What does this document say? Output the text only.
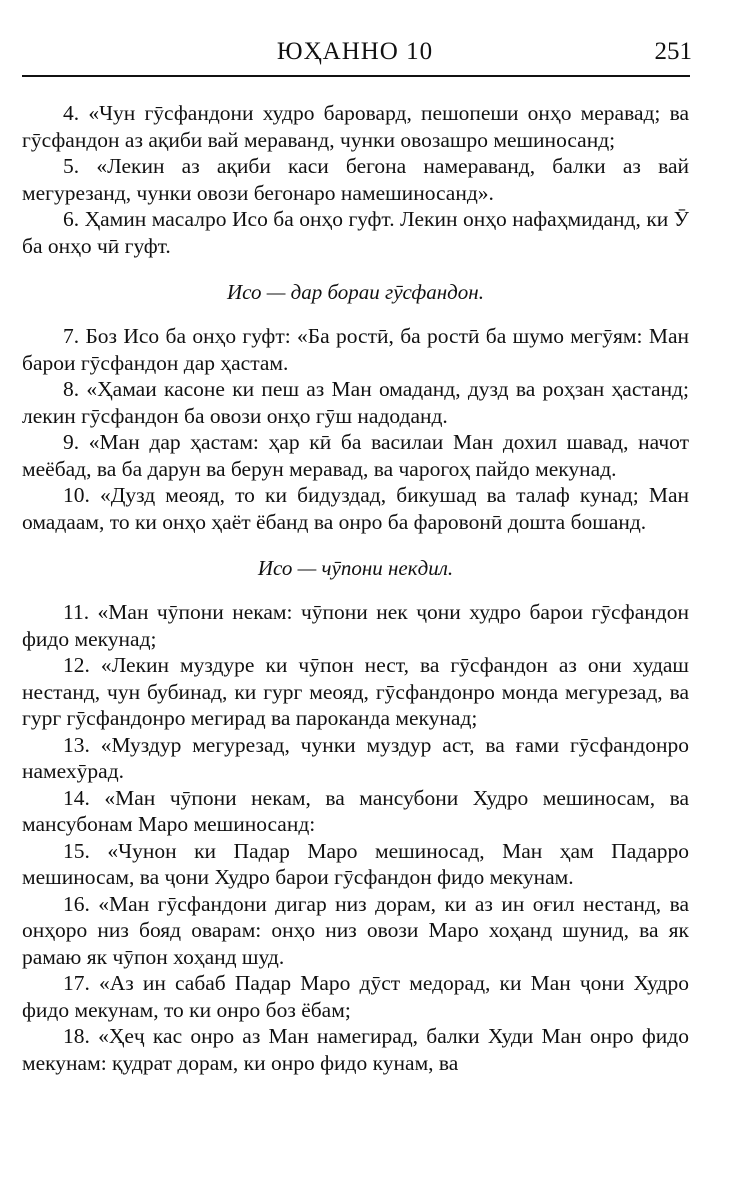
ЮҲАННО 10	251

4. «Чун гӯсфандони худро баровард, пешопеши онҳо меравад; ва гӯсфандон аз ақиби вай мераванд, чунки овозашро мешиносанд;

5. «Лекин аз ақиби каси бегона намераванд, балки аз вай мегурезанд, чунки овози бегонаро намешиносанд».

6. Ҳамин масалро Исо ба онҳо гуфт. Лекин онҳо нафаҳмиданд, ки Ӯ ба онҳо чӣ гуфт.

Исо — дар бораи гӯсфандон.

7. Боз Исо ба онҳо гуфт: «Ба ростӣ, ба ростӣ ба шумо мегӯям: Ман барои гӯсфандон дар ҳастам.

8. «Ҳамаи касоне ки пеш аз Ман омаданд, дузд ва роҳзан ҳастанд; лекин гӯсфандон ба овози онҳо гӯш надоданд.

9. «Ман дар ҳастам: ҳар кӣ ба василаи Ман дохил шавад, начот меёбад, ва ба дарун ва берун меравад, ва чарогоҳ пайдо мекунад.

10. «Дузд меояд, то ки бидуздад, бикушад ва талаф кунад; Ман омадаам, то ки онҳо ҳаёт ёбанд ва онро ба фаровонӣ дошта бошанд.

Исо — чӯпони некдил.

11. «Ман чӯпони некам: чӯпони нек ҷони худро барои гӯсфандон фидо мекунад;

12. «Лекин муздуре ки чӯпон нест, ва гӯсфандон аз они худаш нестанд, чун бубинад, ки гург меояд, гӯсфандонро монда мегурезад, ва гург гӯсфандонро мегирад ва пароканда мекунад;

13. «Муздур мегурезад, чунки муздур аст, ва ғами гӯсфандонро намехӯрад.

14. «Ман чӯпони некам, ва мансубони Худро мешиносам, ва мансубонам Маро мешиносанд:

15. «Чунон ки Падар Маро мешиносад, Ман ҳам Падарро мешиносам, ва ҷони Худро барои гӯсфандон фидо мекунам.

16. «Ман гӯсфандони дигар низ дорам, ки аз ин оғил нестанд, ва онҳоро низ бояд оварам: онҳо низ овози Маро хоҳанд шунид, ва як рамаю як чӯпон хоҳанд шуд.

17. «Аз ин сабаб Падар Маро дӯст медорад, ки Ман ҷони Худро фидо мекунам, то ки онро боз ёбам;

18. «Ҳеҷ кас онро аз Ман намегирад, балки Худи Ман онро фидо мекунам: қудрат дорам, ки онро фидо кунам, ва
